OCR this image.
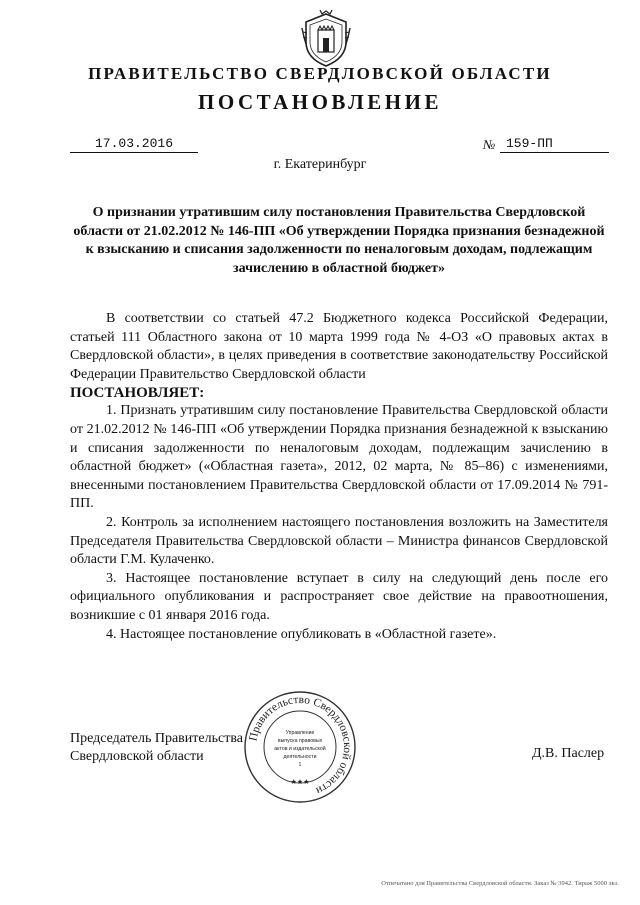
ПРАВИТЕЛЬСТВО СВЕРДЛОВСКОЙ ОБЛАСТИ
ПОСТАНОВЛЕНИЕ
17.03.2016	№ 159-ПП
г. Екатеринбург
О признании утратившим силу постановления Правительства Свердловской области от 21.02.2012 № 146-ПП «Об утверждении Порядка признания безнадежной к взысканию и списания задолженности по неналоговым доходам, подлежащим зачислению в областной бюджет»

В соответствии со статьей 47.2 Бюджетного кодекса Российской Федерации, статьей 111 Областного закона от 10 марта 1999 года № 4-ОЗ «О правовых актах в Свердловской области», в целях приведения в соответствие законодательству Российской Федерации Правительство Свердловской области

ПОСТАНОВЛЯЕТ:

1. Признать утратившим силу постановление Правительства Свердловской области от 21.02.2012 № 146-ПП «Об утверждении Порядка признания безнадежной к взысканию и списания задолженности по неналоговым доходам, подлежащим зачислению в областной бюджет» («Областная газета», 2012, 02 марта, № 85–86) с изменениями, внесенными постановлением Правительства Свердловской области от 17.09.2014 № 791-ПП.

2. Контроль за исполнением настоящего постановления возложить на Заместителя Председателя Правительства Свердловской области – Министра финансов Свердловской области Г.М. Кулаченко.

3. Настоящее постановление вступает в силу на следующий день после его официального опубликования и распространяет свое действие на правоотношения, возникшие с 01 января 2016 года.

4. Настоящее постановление опубликовать в «Областной газете».

Председатель Правительства
Свердловской области	Д.В. Паслер
Правительство Свердловской области
★★★
Управление
выпуска правовых
актов и издательской
деятельности
1
Отпечатано для Правительства Свердловской области. Заказ № 3942. Тираж 5000 экз.
